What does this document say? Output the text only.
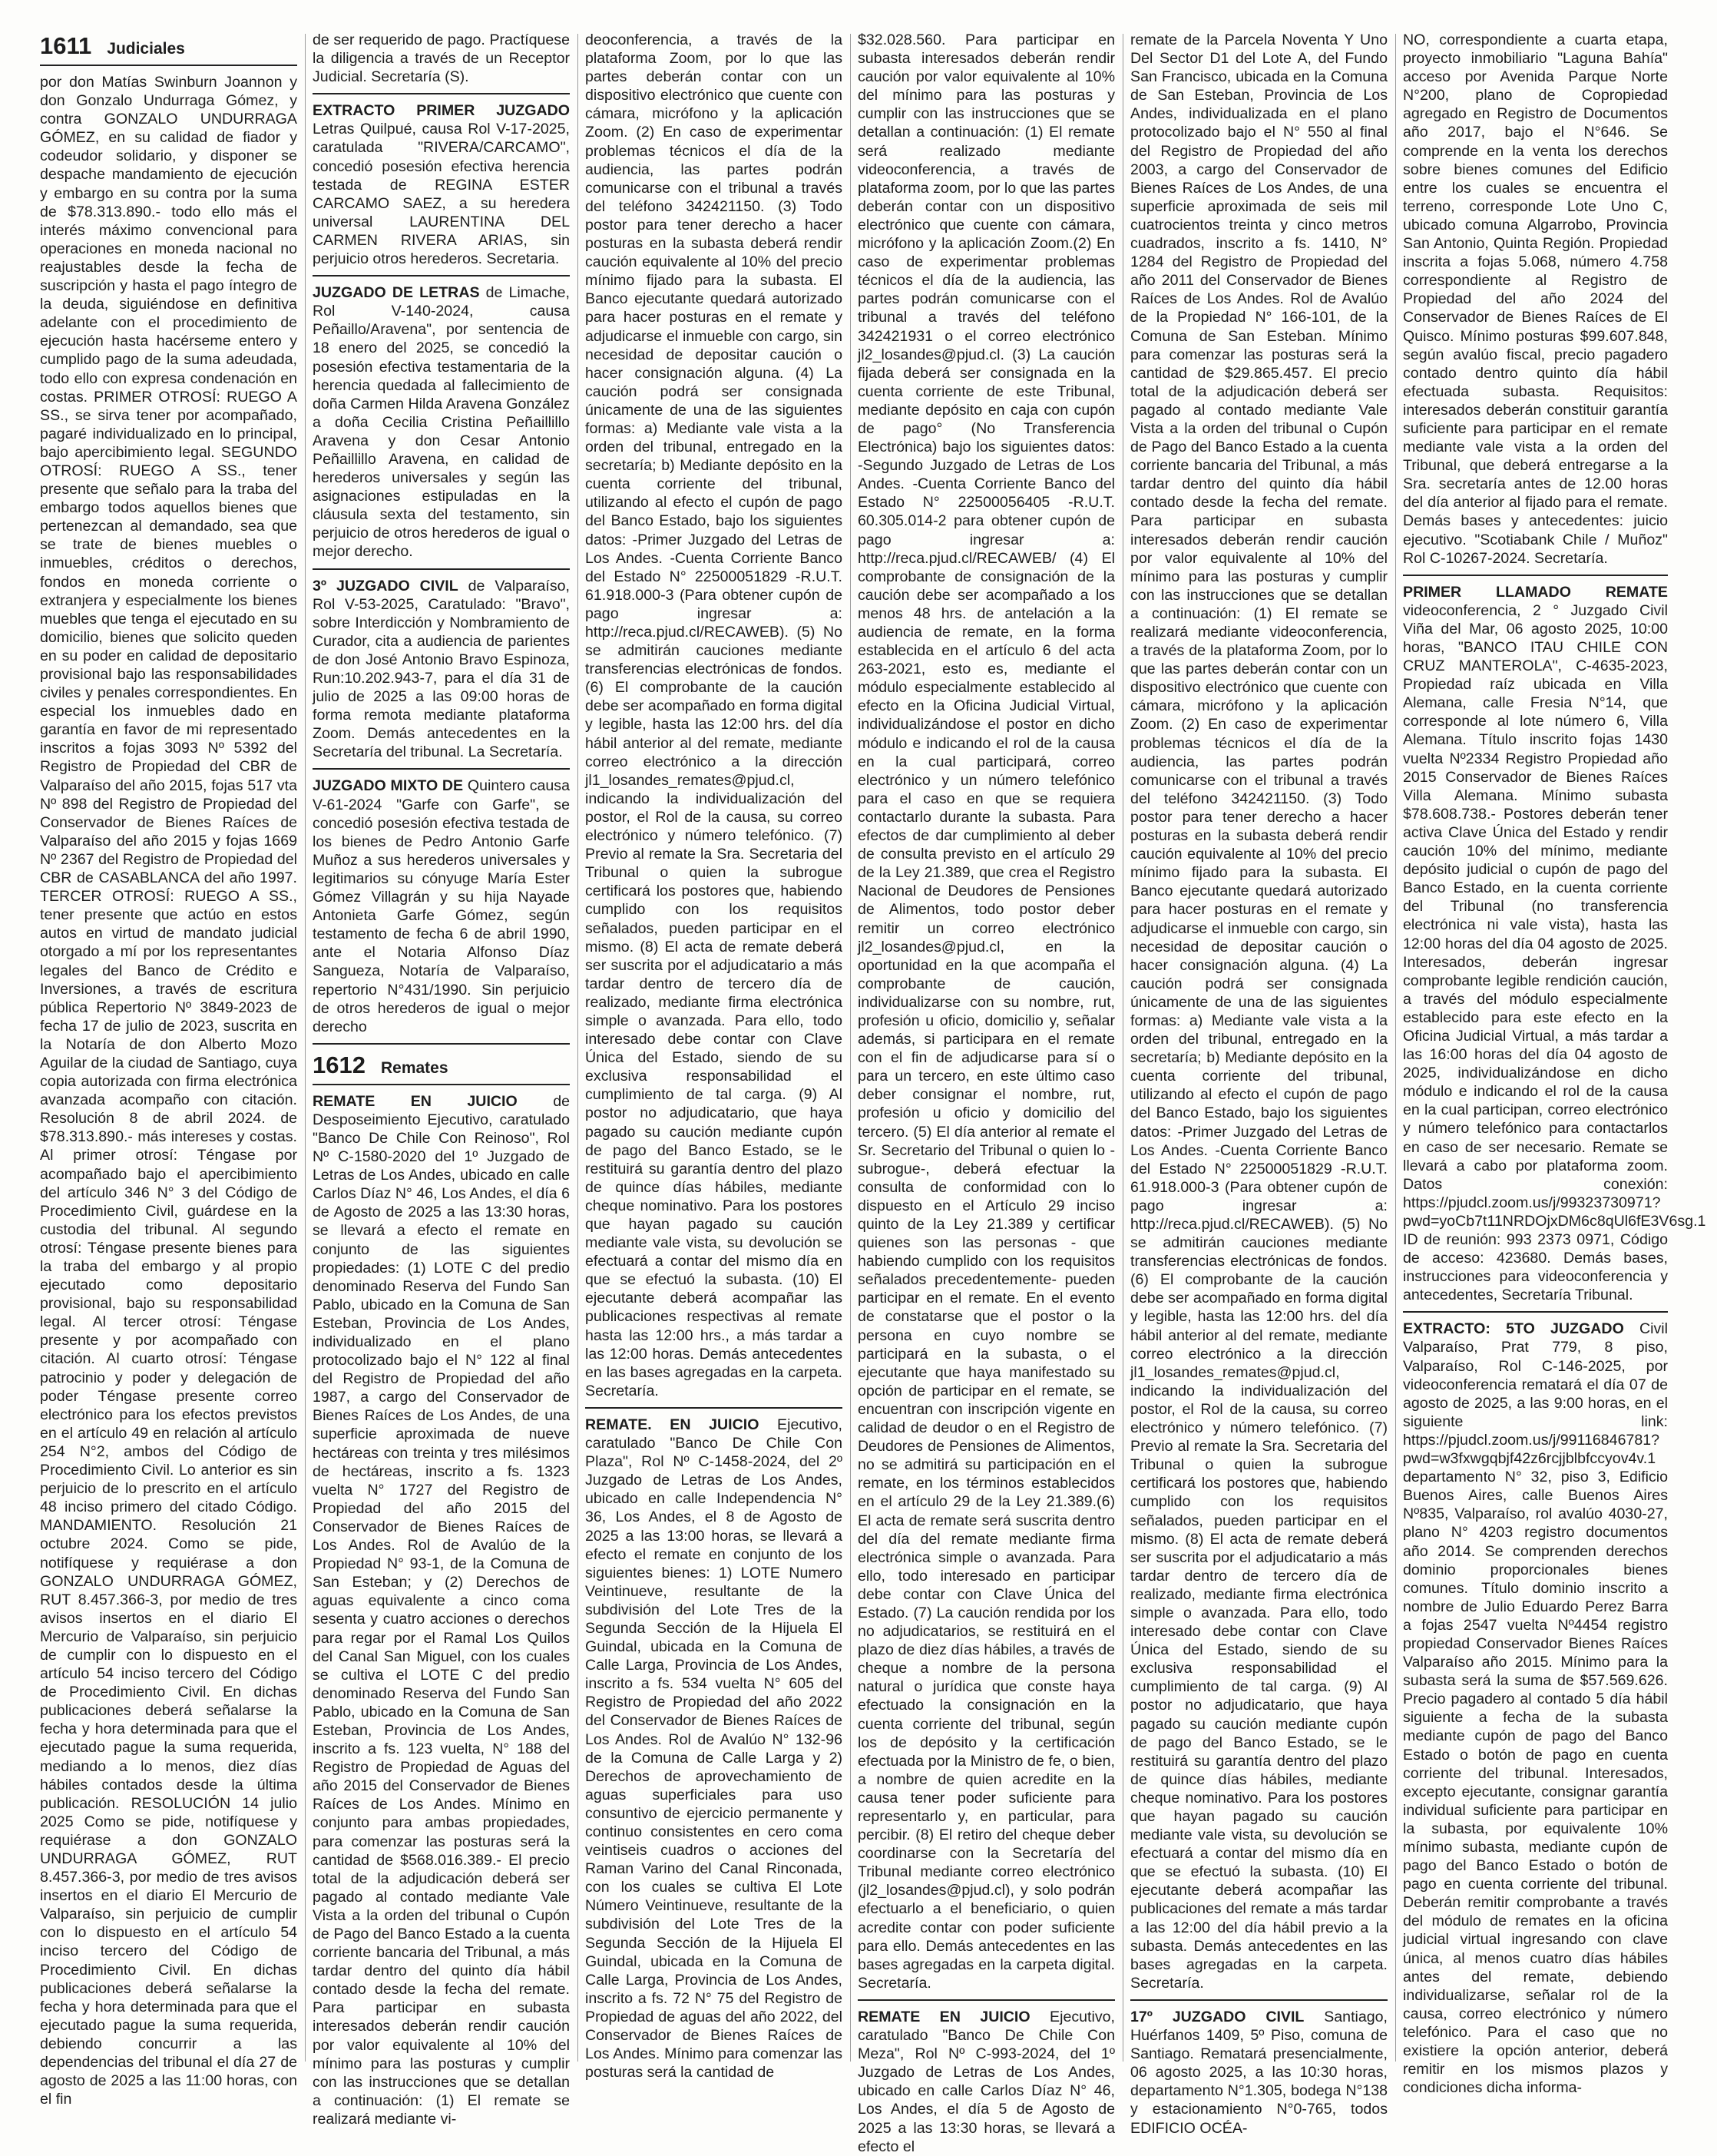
1611 Judiciales

por don Matías Swinburn Joannon y don Gonzalo Undurraga Gómez, y contra GONZALO UNDURRAGA GÓMEZ, en su calidad de fiador y codeudor solidario, y disponer se despache mandamiento de ejecución y embargo en su contra por la suma de $78.313.890.- todo ello más el interés máximo convencional para operaciones en moneda nacional no reajustables desde la fecha de suscripción y hasta el pago íntegro de la deuda, siguiéndose en definitiva adelante con el procedimiento de ejecución hasta hacérseme entero y cumplido pago de la suma adeudada, todo ello con expresa condenación en costas. PRIMER OTROSÍ: RUEGO A SS., se sirva tener por acompañado, pagaré individualizado en lo principal, bajo apercibimiento legal. SEGUNDO OTROSÍ: RUEGO A SS., tener presente que señalo para la traba del embargo todos aquellos bienes que pertenezcan al demandado, sea que se trate de bienes muebles o inmuebles, créditos o derechos, fondos en moneda corriente o extranjera y especialmente los bienes muebles que tenga el ejecutado en su domicilio, bienes que solicito queden en su poder en calidad de depositario provisional bajo las responsabilidades civiles y penales correspondientes. En especial los inmuebles dado en garantía en favor de mi representado inscritos a fojas 3093 Nº 5392 del Registro de Propiedad del CBR de Valparaíso del año 2015, fojas 517 vta Nº 898 del Registro de Propiedad del Conservador de Bienes Raíces de Valparaíso del año 2015 y fojas 1669 Nº 2367 del Registro de Propiedad del CBR de CASABLANCA del año 1997. TERCER OTROSÍ: RUEGO A SS., tener presente que actúo en estos autos en virtud de mandato judicial otorgado a mí por los representantes legales del Banco de Crédito e Inversiones, a través de escritura pública Repertorio Nº 3849-2023 de fecha 17 de julio de 2023, suscrita en la Notaría de don Alberto Mozo Aguilar de la ciudad de Santiago, cuya copia autorizada con firma electrónica avanzada acompaño con citación. Resolución 8 de abril 2024. de $78.313.890.- más intereses y costas. Al primer otrosí: Téngase por acompañado bajo el apercibimiento del artículo 346 N° 3 del Código de Procedimiento Civil, guárdese en la custodia del tribunal. Al segundo otrosí: Téngase presente bienes para la traba del embargo y al propio ejecutado como depositario provisional, bajo su responsabilidad legal. Al tercer otrosí: Téngase presente y por acompañado con citación. Al cuarto otrosí: Téngase patrocinio y poder y delegación de poder Téngase presente correo electrónico para los efectos previstos en el artículo 49 en relación al artículo 254 N°2, ambos del Código de Procedimiento Civil. Lo anterior es sin perjuicio de lo prescrito en el artículo 48 inciso primero del citado Código. MANDAMIENTO. Resolución 21 octubre 2024. Como se pide, notifíquese y requiérase a don GONZALO UNDURRAGA GÓMEZ, RUT 8.457.366-3, por medio de tres avisos insertos en el diario El Mercurio de Valparaíso, sin perjuicio de cumplir con lo dispuesto en el artículo 54 inciso tercero del Código de Procedimiento Civil. En dichas publicaciones deberá señalarse la fecha y hora determinada para que el ejecutado pague la suma requerida, mediando a lo menos, diez días hábiles contados desde la última publicación. RESOLUCIÓN 14 julio 2025 Como se pide, notifíquese y requiérase a don GONZALO UNDURRAGA GÓMEZ, RUT 8.457.366-3, por medio de tres avisos insertos en el diario El Mercurio de Valparaíso, sin perjuicio de cumplir con lo dispuesto en el artículo 54 inciso tercero del Código de Procedimiento Civil. En dichas publicaciones deberá señalarse la fecha y hora determinada para que el ejecutado pague la suma requerida, debiendo concurrir a las dependencias del tribunal el día 27 de agosto de 2025 a las 11:00 horas, con el fin

de ser requerido de pago. Practíquese la diligencia a través de un Receptor Judicial. Secretaría (S).

EXTRACTO PRIMER JUZGADO Letras Quilpué, causa Rol V-17-2025, caratulada "RIVERA/CARCAMO", concedió posesión efectiva herencia testada de REGINA ESTER CARCAMO SAEZ, a su heredera universal LAURENTINA DEL CARMEN RIVERA ARIAS, sin perjuicio otros herederos. Secretaria.

JUZGADO DE LETRAS de Limache, Rol V-140-2024, causa Peñaillo/Aravena", por sentencia de 18 enero del 2025, se concedió la posesión efectiva testamentaria de la herencia quedada al fallecimiento de doña Carmen Hilda Aravena González a doña Cecilia Cristina Peñaillillo Aravena y don Cesar Antonio Peñaillillo Aravena, en calidad de herederos universales y según las asignaciones estipuladas en la cláusula sexta del testamento, sin perjuicio de otros herederos de igual o mejor derecho.

3º JUZGADO CIVIL de Valparaíso, Rol V-53-2025, Caratulado: "Bravo", sobre Interdicción y Nombramiento de Curador, cita a audiencia de parientes de don José Antonio Bravo Espinoza, Run:10.202.943-7, para el día 31 de julio de 2025 a las 09:00 horas de forma remota mediante plataforma Zoom. Demás antecedentes en la Secretaría del tribunal. La Secretaría.

JUZGADO MIXTO DE Quintero causa V-61-2024 "Garfe con Garfe", se concedió posesión efectiva testada de los bienes de Pedro Antonio Garfe Muñoz a sus herederos universales y legitimarios su cónyuge María Ester Gómez Villagrán y su hija Nayade Antonieta Garfe Gómez, según testamento de fecha 6 de abril 1990, ante el Notaria Alfonso Díaz Sangueza, Notaría de Valparaíso, repertorio N°431/1990. Sin perjuicio de otros herederos de igual o mejor derecho

1612 Remates

REMATE EN JUICIO de Desposeimiento Ejecutivo, caratulado "Banco De Chile Con Reinoso", Rol Nº C-1580-2020 del 1º Juzgado de Letras de Los Andes, ubicado en calle Carlos Díaz N° 46, Los Andes, el día 6 de Agosto de 2025 a las 13:30 horas, se llevará a efecto el remate en conjunto de las siguientes propiedades: (1) LOTE C del predio denominado Reserva del Fundo San Pablo, ubicado en la Comuna de San Esteban, Provincia de Los Andes, individualizado en el plano protocolizado bajo el N° 122 al final del Registro de Propiedad del año 1987, a cargo del Conservador de Bienes Raíces de Los Andes, de una superficie aproximada de nueve hectáreas con treinta y tres milésimos de hectáreas, inscrito a fs. 1323 vuelta N° 1727 del Registro de Propiedad del año 2015 del Conservador de Bienes Raíces de Los Andes. Rol de Avalúo de la Propiedad N° 93-1, de la Comuna de San Esteban; y (2) Derechos de aguas equivalente a cinco coma sesenta y cuatro acciones o derechos para regar por el Ramal Los Quilos del Canal San Miguel, con los cuales se cultiva el LOTE C del predio denominado Reserva del Fundo San Pablo, ubicado en la Comuna de San Esteban, Provincia de Los Andes, inscrito a fs. 123 vuelta, N° 188 del Registro de Propiedad de Aguas del año 2015 del Conservador de Bienes Raíces de Los Andes. Mínimo en conjunto para ambas propiedades, para comenzar las posturas será la cantidad de $568.016.389.- El precio total de la adjudicación deberá ser pagado al contado mediante Vale Vista a la orden del tribunal o Cupón de Pago del Banco Estado a la cuenta corriente bancaria del Tribunal, a más tardar dentro del quinto día hábil contado desde la fecha del remate. Para participar en subasta interesados deberán rendir caución por valor equivalente al 10% del mínimo para las posturas y cumplir con las instrucciones que se detallan a continuación: (1) El remate se realizará mediante vi-

deoconferencia, a través de la plataforma Zoom, por lo que las partes deberán contar con un dispositivo electrónico que cuente con cámara, micrófono y la aplicación Zoom. (2) En caso de experimentar problemas técnicos el día de la audiencia, las partes podrán comunicarse con el tribunal a través del teléfono 342421150. (3) Todo postor para tener derecho a hacer posturas en la subasta deberá rendir caución equivalente al 10% del precio mínimo fijado para la subasta. El Banco ejecutante quedará autorizado para hacer posturas en el remate y adjudicarse el inmueble con cargo, sin necesidad de depositar caución o hacer consignación alguna. (4) La caución podrá ser consignada únicamente de una de las siguientes formas: a) Mediante vale vista a la orden del tribunal, entregado en la secretaría; b) Mediante depósito en la cuenta corriente del tribunal, utilizando al efecto el cupón de pago del Banco Estado, bajo los siguientes datos: -Primer Juzgado del Letras de Los Andes. -Cuenta Corriente Banco del Estado N° 22500051829 -R.U.T. 61.918.000-3 (Para obtener cupón de pago ingresar a: http://reca.pjud.cl/RECAWEB). (5) No se admitirán cauciones mediante transferencias electrónicas de fondos. (6) El comprobante de la caución debe ser acompañado en forma digital y legible, hasta las 12:00 hrs. del día hábil anterior al del remate, mediante correo electrónico a la dirección jl1_losandes_remates@pjud.cl, indicando la individualización del postor, el Rol de la causa, su correo electrónico y número telefónico. (7) Previo al remate la Sra. Secretaria del Tribunal o quien la subrogue certificará los postores que, habiendo cumplido con los requisitos señalados, pueden participar en el mismo. (8) El acta de remate deberá ser suscrita por el adjudicatario a más tardar dentro de tercero día de realizado, mediante firma electrónica simple o avanzada. Para ello, todo interesado debe contar con Clave Única del Estado, siendo de su exclusiva responsabilidad el cumplimiento de tal carga. (9) Al postor no adjudicatario, que haya pagado su caución mediante cupón de pago del Banco Estado, se le restituirá su garantía dentro del plazo de quince días hábiles, mediante cheque nominativo. Para los postores que hayan pagado su caución mediante vale vista, su devolución se efectuará a contar del mismo día en que se efectuó la subasta. (10) El ejecutante deberá acompañar las publicaciones respectivas al remate hasta las 12:00 hrs., a más tardar a las 12:00 horas. Demás antecedentes en las bases agregadas en la carpeta. Secretaría.

REMATE. EN JUICIO Ejecutivo, caratulado "Banco De Chile Con Plaza", Rol Nº C-1458-2024, del 2º Juzgado de Letras de Los Andes, ubicado en calle Independencia N° 36, Los Andes, el 8 de Agosto de 2025 a las 13:00 horas, se llevará a efecto el remate en conjunto de los siguientes bienes: 1) LOTE Numero Veintinueve, resultante de la subdivisión del Lote Tres de la Segunda Sección de la Hijuela El Guindal, ubicada en la Comuna de Calle Larga, Provincia de Los Andes, inscrito a fs. 534 vuelta N° 605 del Registro de Propiedad del año 2022 del Conservador de Bienes Raíces de Los Andes. Rol de Avalúo N° 132-96 de la Comuna de Calle Larga y 2) Derechos de aprovechamiento de aguas superficiales para uso consuntivo de ejercicio permanente y continuo consistentes en cero coma veintiseis cuadros o acciones del Raman Varino del Canal Rinconada, con los cuales se cultiva El Lote Número Veintinueve, resultante de la subdivisión del Lote Tres de la Segunda Sección de la Hijuela El Guindal, ubicada en la Comuna de Calle Larga, Provincia de Los Andes, inscrito a fs. 72 N° 75 del Registro de Propiedad de aguas del año 2022, del Conservador de Bienes Raíces de Los Andes. Mínimo para comenzar las posturas será la cantidad de

$32.028.560. Para participar en subasta interesados deberán rendir caución por valor equivalente al 10% del mínimo para las posturas y cumplir con las instrucciones que se detallan a continuación: (1) El remate será realizado mediante videoconferencia, a través de plataforma zoom, por lo que las partes deberán contar con un dispositivo electrónico que cuente con cámara, micrófono y la aplicación Zoom.(2) En caso de experimentar problemas técnicos el día de la audiencia, las partes podrán comunicarse con el tribunal a través del teléfono 342421931 o el correo electrónico jl2_losandes@pjud.cl. (3) La caución fijada deberá ser consignada en la cuenta corriente de este Tribunal, mediante depósito en caja con cupón de pago° (No Transferencia Electrónica) bajo los siguientes datos: -Segundo Juzgado de Letras de Los Andes. -Cuenta Corriente Banco del Estado N° 22500056405 -R.U.T. 60.305.014-2 para obtener cupón de pago ingresar a: http://reca.pjud.cl/RECAWEB/ (4) El comprobante de consignación de la caución debe ser acompañado a los menos 48 hrs. de antelación a la audiencia de remate, en la forma establecida en el artículo 6 del acta 263-2021, esto es, mediante el módulo especialmente establecido al efecto en la Oficina Judicial Virtual, individualizándose el postor en dicho módulo e indicando el rol de la causa en la cual participará, correo electrónico y un número telefónico para el caso en que se requiera contactarlo durante la subasta. Para efectos de dar cumplimiento al deber de consulta previsto en el artículo 29 de la Ley 21.389, que crea el Registro Nacional de Deudores de Pensiones de Alimentos, todo postor deber remitir un correo electrónico jl2_losandes@pjud.cl, en la oportunidad en la que acompaña el comprobante de caución, individualizarse con su nombre, rut, profesión u oficio, domicilio y, señalar además, si participara en el remate con el fin de adjudicarse para sí o para un tercero, en este último caso deber consignar el nombre, rut, profesión u oficio y domicilio del tercero. (5) El día anterior al remate el Sr. Secretario del Tribunal o quien lo -subrogue-, deberá efectuar la consulta de conformidad con lo dispuesto en el Artículo 29 inciso quinto de la Ley 21.389 y certificar quienes son las personas - que habiendo cumplido con los requisitos señalados precedentemente- pueden participar en el remate. En el evento de constatarse que el postor o la persona en cuyo nombre se participará en la subasta, o el ejecutante que haya manifestado su opción de participar en el remate, se encuentran con inscripción vigente en calidad de deudor o en el Registro de Deudores de Pensiones de Alimentos, no se admitirá su participación en el remate, en los términos establecidos en el artículo 29 de la Ley 21.389.(6) El acta de remate será suscrita dentro del día del remate mediante firma electrónica simple o avanzada. Para ello, todo interesado en participar debe contar con Clave Única del Estado. (7) La caución rendida por los no adjudicatarios, se restituirá en el plazo de diez días hábiles, a través de cheque a nombre de la persona natural o jurídica que conste haya efectuado la consignación en la cuenta corriente del tribunal, según los de depósito y la certificación efectuada por la Ministro de fe, o bien, a nombre de quien acredite en la causa tener poder suficiente para representarlo y, en particular, para percibir. (8) El retiro del cheque deber coordinarse con la Secretaría del Tribunal mediante correo electrónico (jl2_losandes@pjud.cl), y solo podrán efectuarlo a el beneficiario, o quien acredite contar con poder suficiente para ello. Demás antecedentes en las bases agregadas en la carpeta digital. Secretaría.

REMATE EN JUICIO Ejecutivo, caratulado "Banco De Chile Con Meza", Rol Nº C-993-2024, del 1º Juzgado de Letras de Los Andes, ubicado en calle Carlos Díaz N° 46, Los Andes, el día 5 de Agosto de 2025 a las 13:30 horas, se llevará a efecto el

remate de la Parcela Noventa Y Uno Del Sector D1 del Lote A, del Fundo San Francisco, ubicada en la Comuna de San Esteban, Provincia de Los Andes, individualizada en el plano protocolizado bajo el N° 550 al final del Registro de Propiedad del año 2003, a cargo del Conservador de Bienes Raíces de Los Andes, de una superficie aproximada de seis mil cuatrocientos treinta y cinco metros cuadrados, inscrito a fs. 1410, N° 1284 del Registro de Propiedad del año 2011 del Conservador de Bienes Raíces de Los Andes. Rol de Avalúo de la Propiedad N° 166-101, de la Comuna de San Esteban. Mínimo para comenzar las posturas será la cantidad de $29.865.457. El precio total de la adjudicación deberá ser pagado al contado mediante Vale Vista a la orden del tribunal o Cupón de Pago del Banco Estado a la cuenta corriente bancaria del Tribunal, a más tardar dentro del quinto día hábil contado desde la fecha del remate. Para participar en subasta interesados deberán rendir caución por valor equivalente al 10% del mínimo para las posturas y cumplir con las instrucciones que se detallan a continuación: (1) El remate se realizará mediante videoconferencia, a través de la plataforma Zoom, por lo que las partes deberán contar con un dispositivo electrónico que cuente con cámara, micrófono y la aplicación Zoom. (2) En caso de experimentar problemas técnicos el día de la audiencia, las partes podrán comunicarse con el tribunal a través del teléfono 342421150. (3) Todo postor para tener derecho a hacer posturas en la subasta deberá rendir caución equivalente al 10% del precio mínimo fijado para la subasta. El Banco ejecutante quedará autorizado para hacer posturas en el remate y adjudicarse el inmueble con cargo, sin necesidad de depositar caución o hacer consignación alguna. (4) La caución podrá ser consignada únicamente de una de las siguientes formas: a) Mediante vale vista a la orden del tribunal, entregado en la secretaría; b) Mediante depósito en la cuenta corriente del tribunal, utilizando al efecto el cupón de pago del Banco Estado, bajo los siguientes datos: -Primer Juzgado del Letras de Los Andes. -Cuenta Corriente Banco del Estado N° 22500051829 -R.U.T. 61.918.000-3 (Para obtener cupón de pago ingresar a: http://reca.pjud.cl/RECAWEB). (5) No se admitirán cauciones mediante transferencias electrónicas de fondos. (6) El comprobante de la caución debe ser acompañado en forma digital y legible, hasta las 12:00 hrs. del día hábil anterior al del remate, mediante correo electrónico a la dirección jl1_losandes_remates@pjud.cl, indicando la individualización del postor, el Rol de la causa, su correo electrónico y número telefónico. (7) Previo al remate la Sra. Secretaria del Tribunal o quien la subrogue certificará los postores que, habiendo cumplido con los requisitos señalados, pueden participar en el mismo. (8) El acta de remate deberá ser suscrita por el adjudicatario a más tardar dentro de tercero día de realizado, mediante firma electrónica simple o avanzada. Para ello, todo interesado debe contar con Clave Única del Estado, siendo de su exclusiva responsabilidad el cumplimiento de tal carga. (9) Al postor no adjudicatario, que haya pagado su caución mediante cupón de pago del Banco Estado, se le restituirá su garantía dentro del plazo de quince días hábiles, mediante cheque nominativo. Para los postores que hayan pagado su caución mediante vale vista, su devolución se efectuará a contar del mismo día en que se efectuó la subasta. (10) El ejecutante deberá acompañar las publicaciones del remate a más tardar a las 12:00 del día hábil previo a la subasta. Demás antecedentes en las bases agregadas en la carpeta. Secretaría.

17º JUZGADO CIVIL Santiago, Huérfanos 1409, 5º Piso, comuna de Santiago. Rematará presencialmente, 06 agosto 2025, a las 10:30 horas, departamento N°1.305, bodega N°138 y estacionamiento N°0-765, todos EDIFICIO OCÉA-

NO, correspondiente a cuarta etapa, proyecto inmobiliario "Laguna Bahía" acceso por Avenida Parque Norte N°200, plano de Copropiedad agregado en Registro de Documentos año 2017, bajo el N°646. Se comprende en la venta los derechos sobre bienes comunes del Edificio entre los cuales se encuentra el terreno, corresponde Lote Uno C, ubicado comuna Algarrobo, Provincia San Antonio, Quinta Región. Propiedad inscrita a fojas 5.068, número 4.758 correspondiente al Registro de Propiedad del año 2024 del Conservador de Bienes Raíces de El Quisco. Mínimo posturas $99.607.848, según avalúo fiscal, precio pagadero contado dentro quinto día hábil efectuada subasta. Requisitos: interesados deberán constituir garantía suficiente para participar en el remate mediante vale vista a la orden del Tribunal, que deberá entregarse a la Sra. secretaría antes de 12.00 horas del día anterior al fijado para el remate. Demás bases y antecedentes: juicio ejecutivo. "Scotiabank Chile / Muñoz" Rol C-10267-2024. Secretaría.

PRIMER LLAMADO REMATE videoconferencia, 2 ° Juzgado Civil Viña del Mar, 06 agosto 2025, 10:00 horas, "BANCO ITAU CHILE CON CRUZ MANTEROLA", C-4635-2023, Propiedad raíz ubicada en Villa Alemana, calle Fresia N°14, que corresponde al lote número 6, Villa Alemana. Título inscrito fojas 1430 vuelta Nº2334 Registro Propiedad año 2015 Conservador de Bienes Raíces Villa Alemana. Mínimo subasta $78.608.738.- Postores deberán tener activa Clave Única del Estado y rendir caución 10% del mínimo, mediante depósito judicial o cupón de pago del Banco Estado, en la cuenta corriente del Tribunal (no transferencia electrónica ni vale vista), hasta las 12:00 horas del día 04 agosto de 2025. Interesados, deberán ingresar comprobante legible rendición caución, a través del módulo especialmente establecido para este efecto en la Oficina Judicial Virtual, a más tardar a las 16:00 horas del día 04 agosto de 2025, individualizándose en dicho módulo e indicando el rol de la causa en la cual participan, correo electrónico y número telefónico para contactarlos en caso de ser necesario. Remate se llevará a cabo por plataforma zoom. Datos conexión: https://pjudcl.zoom.us/j/99323730971?pwd=yoCb7t11NRDOjxDM6c8qUl6fE3V6sg.1 ID de reunión: 993 2373 0971, Código de acceso: 423680. Demás bases, instrucciones para videoconferencia y antecedentes, Secretaría Tribunal.

EXTRACTO: 5TO JUZGADO Civil Valparaíso, Prat 779, 8 piso, Valparaíso, Rol C-146-2025, por videoconferencia rematará el día 07 de agosto de 2025, a las 9:00 horas, en el siguiente link: https://pjudcl.zoom.us/j/99116846781?pwd=w3fxwgqbjf42z6rcjjblbfccyov4v.1 departamento N° 32, piso 3, Edificio Buenos Aires, calle Buenos Aires Nº835, Valparaíso, rol avalúo 4030-27, plano N° 4203 registro documentos año 2014. Se comprenden derechos dominio proporcionales bienes comunes. Título dominio inscrito a nombre de Julio Eduardo Perez Barra a fojas 2547 vuelta Nº4454 registro propiedad Conservador Bienes Raíces Valparaíso año 2015. Mínimo para la subasta será la suma de $57.569.626. Precio pagadero al contado 5 día hábil siguiente a fecha de la subasta mediante cupón de pago del Banco Estado o botón de pago en cuenta corriente del tribunal. Interesados, excepto ejecutante, consignar garantía individual suficiente para participar en la subasta, por equivalente 10% mínimo subasta, mediante cupón de pago del Banco Estado o botón de pago en cuenta corriente del tribunal. Deberán remitir comprobante a través del módulo de remates en la oficina judicial virtual ingresando con clave única, al menos cuatro días hábiles antes del remate, debiendo individualizarse, señalar rol de la causa, correo electrónico y número telefónico. Para el caso que no existiere la opción anterior, deberá remitir en los mismos plazos y condiciones dicha informa-
